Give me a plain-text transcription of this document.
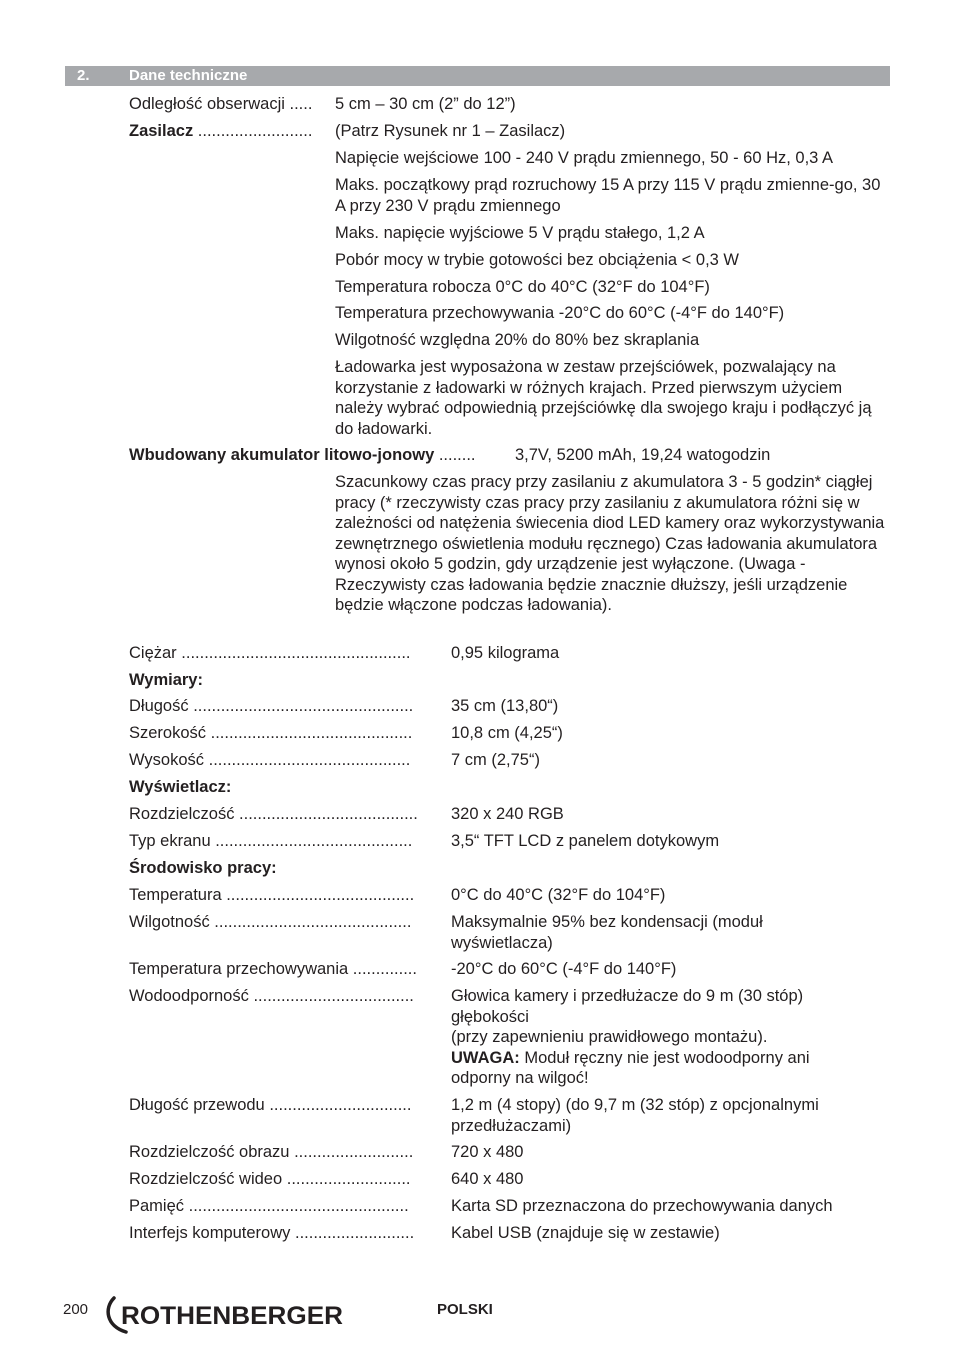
2.	Dane techniczne
Odległość obserwacji ..... 5 cm – 30 cm (2” do 12”)
Zasilacz ......................... (Patrz Rysunek nr 1 – Zasilacz)
Napięcie wejściowe 100 - 240 V prądu zmiennego, 50 - 60 Hz, 0,3 A
Maks. początkowy prąd rozruchowy 15 A przy 115 V prądu zmienne-go, 30 A przy 230 V prądu zmiennego
Maks. napięcie wyjściowe 5 V prądu stałego, 1,2 A
Pobór mocy w trybie gotowości bez obciążenia < 0,3 W
Temperatura robocza 0°C do 40°C (32°F do 104°F)
Temperatura przechowywania -20°C do 60°C (-4°F do 140°F)
Wilgotność względna 20% do 80% bez skraplania
Ładowarka jest wyposażona w zestaw przejściówek, pozwalający na korzystanie z ładowarki w różnych krajach. Przed pierwszym użyciem należy wybrać odpowiednią przejściówkę dla swojego kraju i podłączyć ją do ładowarki.
Wbudowany akumulator litowo-jonowy ........ 3,7V, 5200 mAh, 19,24 watogodzin
Szacunkowy czas pracy przy zasilaniu z akumulatora 3 - 5 godzin* ciągłej pracy (* rzeczywisty czas pracy przy zasilaniu z akumulatora różni się w zależności od natężenia świecenia diod LED kamery oraz wykorzystywania zewnętrznego oświetlenia modułu ręcznego) Czas ładowania akumulatora wynosi około 5 godzin, gdy urządzenie jest wyłączone. (Uwaga - Rzeczywisty czas ładowania będzie znacznie dłuższy, jeśli urządzenie będzie włączone podczas ładowania).
Ciężar .................................................. 0,95 kilograma
Wymiary:
Długość ................................................ 35 cm (13,80“)
Szerokość ............................................ 10,8 cm (4,25“)
Wysokość ............................................ 7 cm (2,75“)
Wyświetlacz:
Rozdzielczość ....................................... 320 x 240 RGB
Typ ekranu ........................................... 3,5“ TFT LCD z panelem dotykowym
Środowisko pracy:
Temperatura ......................................... 0°C do 40°C (32°F do 104°F)
Wilgotność ........................................... Maksymalnie 95% bez kondensacji (moduł wyświetlacza)
Temperatura przechowywania .............. -20°C do 60°C (-4°F do 140°F)
Wodoodporność ................................... Głowica kamery i przedłużacze do 9 m (30 stóp) głębokości
(przy zapewnieniu prawidłowego montażu).
UWAGA: Moduł ręczny nie jest wodoodporny ani odporny na wilgoć!
Długość przewodu ............................... 1,2 m (4 stopy) (do 9,7 m (32 stóp) z opcjonalnymi przedłużaczami)
Rozdzielczość obrazu .......................... 720 x 480
Rozdzielczość wideo ........................... 640 x 480
Pamięć ................................................	Karta SD przeznaczona do przechowywania danych
Interfejs komputerowy .......................... Kabel USB (znajduje się w zestawie)
200 ROTHENBERGER	POLSKI
